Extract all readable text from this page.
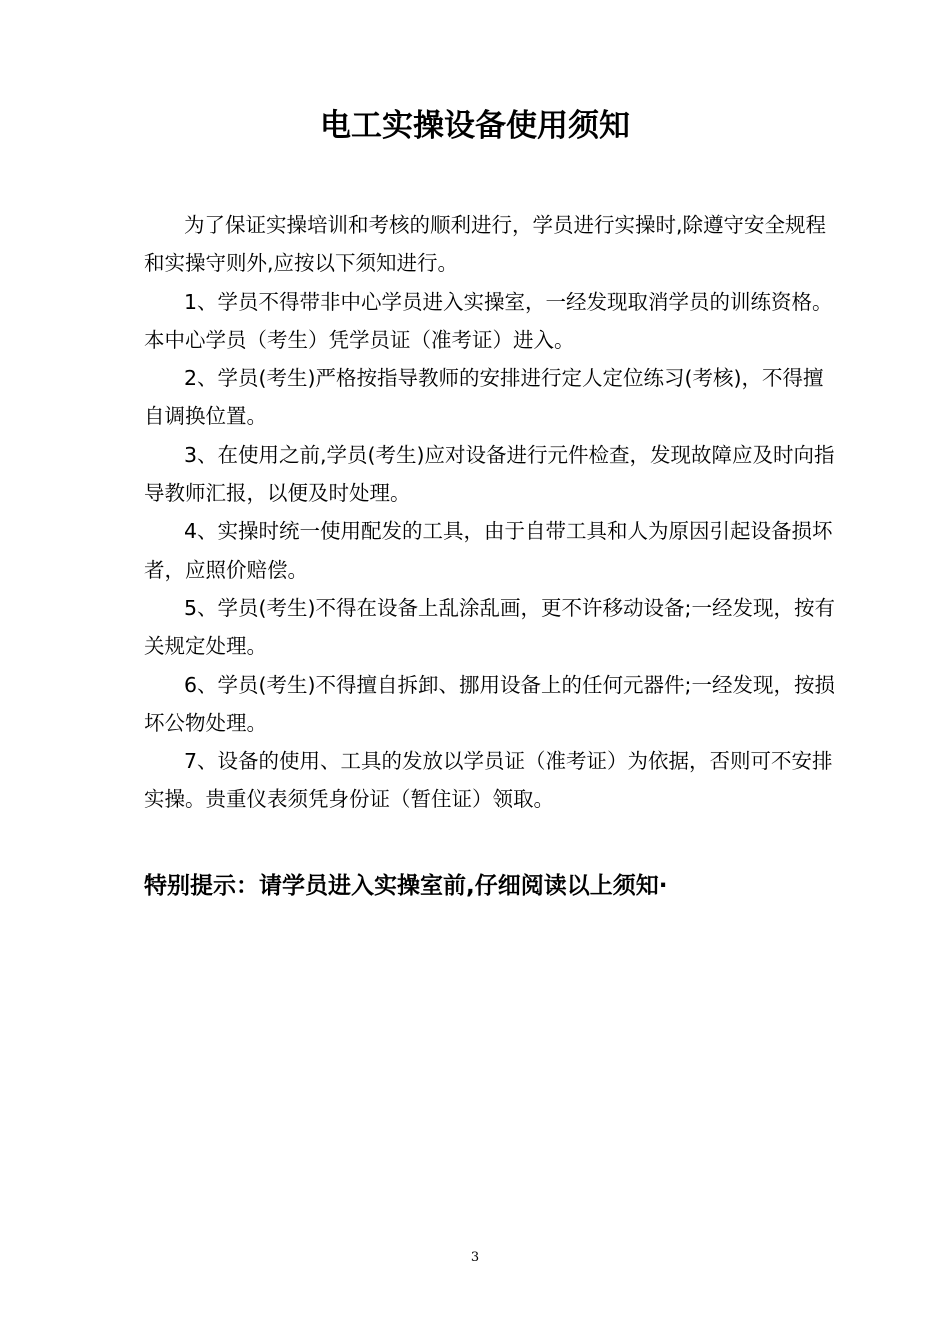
电工实操设备使用须知

为了保证实操培训和考核的顺利进行，学员进行实操时,除遵守安全规程和实操守则外,应按以下须知进行。

1、学员不得带非中心学员进入实操室，一经发现取消学员的训练资格。本中心学员（考生）凭学员证（准考证）进入。

2、学员(考生)严格按指导教师的安排进行定人定位练习(考核)，不得擅自调换位置。

3、在使用之前,学员(考生)应对设备进行元件检查，发现故障应及时向指导教师汇报，以便及时处理。

4、实操时统一使用配发的工具，由于自带工具和人为原因引起设备损坏者，应照价赔偿。

5、学员(考生)不得在设备上乱涂乱画，更不许移动设备;一经发现，按有关规定处理。

6、学员(考生)不得擅自拆卸、挪用设备上的任何元器件;一经发现，按损坏公物处理。

7、设备的使用、工具的发放以学员证（准考证）为依据，否则可不安排实操。贵重仪表须凭身份证（暂住证）领取。

特别提示：请学员进入实操室前,仔细阅读以上须知·

3
